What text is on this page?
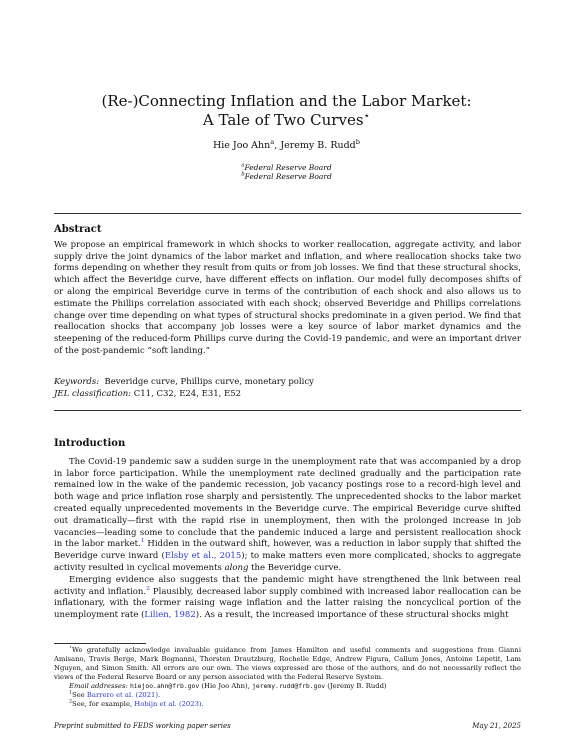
(Re-)Connecting Inflation and the Labor Market:
A Tale of Two Curves⋆
Hie Joo Ahn$^a$, Jeremy B. Rudd$^b$
$^a$Federal Reserve Board
$^b$Federal Reserve Board
Abstract

We propose an empirical framework in which shocks to worker reallocation, aggregate activity, and labor supply drive the joint dynamics of the labor market and inflation, and where reallocation shocks take two forms depending on whether they result from quits or from job losses. We find that these structural shocks, which affect the Beveridge curve, have different effects on inflation. Our model fully decomposes shifts of or along the empirical Beveridge curve in terms of the contribution of each shock and also allows us to estimate the Phillips correlation associated with each shock; observed Beveridge and Phillips correlations change over time depending on what types of structural shocks predominate in a given period. We find that reallocation shocks that accompany job losses were a key source of labor market dynamics and the steepening of the reduced-form Phillips curve during the Covid-19 pandemic, and were an important driver of the post-pandemic “soft landing.”

Keywords: Beveridge curve, Phillips curve, monetary policy
JEL classification: C11, C32, E24, E31, E52
Introduction

The Covid-19 pandemic saw a sudden surge in the unemployment rate that was accompanied by a drop in labor force participation. While the unemployment rate declined gradually and the participation rate remained low in the wake of the pandemic recession, job vacancy postings rose to a record-high level and both wage and price inflation rose sharply and persistently. The unprecedented shocks to the labor market created equally unprecedented movements in the Beveridge curve. The empirical Beveridge curve shifted out dramatically—first with the rapid rise in unemployment, then with the prolonged increase in job vacancies—leading some to conclude that the pandemic induced a large and persistent reallocation shock in the labor market.$^1$ Hidden in the outward shift, however, was a reduction in labor supply that shifted the Beveridge curve inward (Elsby et al., 2015); to make matters even more complicated, shocks to aggregate activity resulted in cyclical movements along the Beveridge curve.

Emerging evidence also suggests that the pandemic might have strengthened the link between real activity and inflation.$^2$ Plausibly, decreased labor supply combined with increased labor reallocation can be inflationary, with the former raising wage inflation and the latter raising the noncyclical portion of the unemployment rate (Lilien, 1982). As a result, the increased importance of these structural shocks might

⋆We gratefully acknowledge invaluable guidance from James Hamilton and useful comments and suggestions from Gianni Amisano, Travis Berge, Mark Bognanni, Thorsten Drautzburg, Rochelle Edge, Andrew Figura, Callum Jones, Antoine Lepetit, Lam Nguyen, and Simon Smith. All errors are our own. The views expressed are those of the authors, and do not necessarily reflect the views of the Federal Reserve Board or any person associated with the Federal Reserve System.

Email addresses: hiejoo.ahn@frb.gov (Hie Joo Ahn), jeremy.rudd@frb.gov (Jeremy B. Rudd)

$^1$See Barrero et al. (2021).

$^2$See, for example, Hobijn et al. (2023).

Preprint submitted to FEDS working paper series	May 21, 2025
